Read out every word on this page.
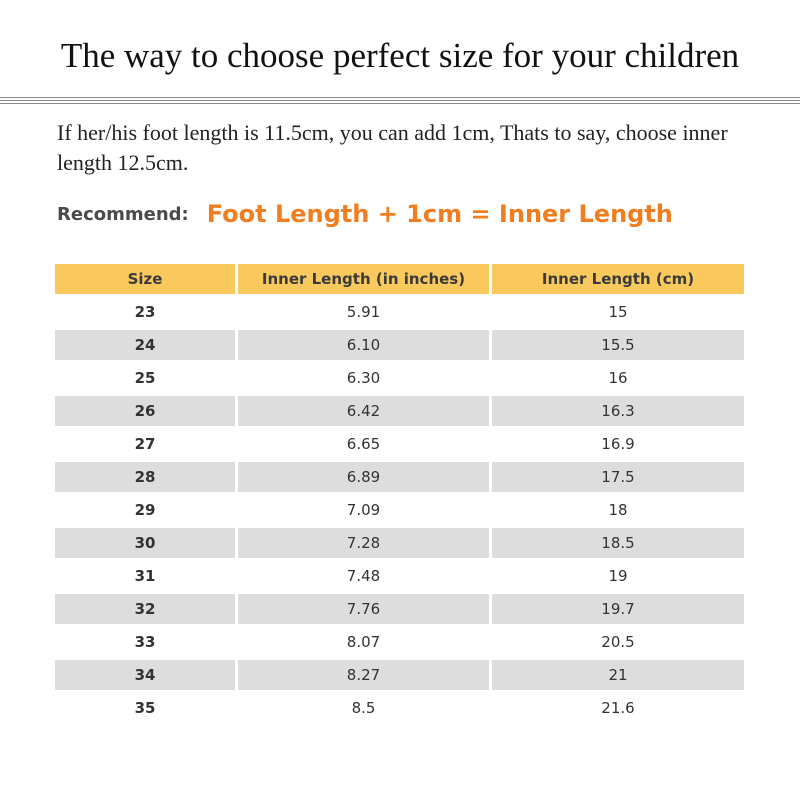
The way to choose perfect size for your children
If her/his foot length is 11.5cm, you can add 1cm, Thats to say, choose inner length 12.5cm.
Recommend: Foot Length + 1cm = Inner Length
Size	Inner Length (in inches)	Inner Length (cm)
23	5.91	15
24	6.10	15.5
25	6.30	16
26	6.42	16.3
27	6.65	16.9
28	6.89	17.5
29	7.09	18
30	7.28	18.5
31	7.48	19
32	7.76	19.7
33	8.07	20.5
34	8.27	21
35	8.5	21.6
